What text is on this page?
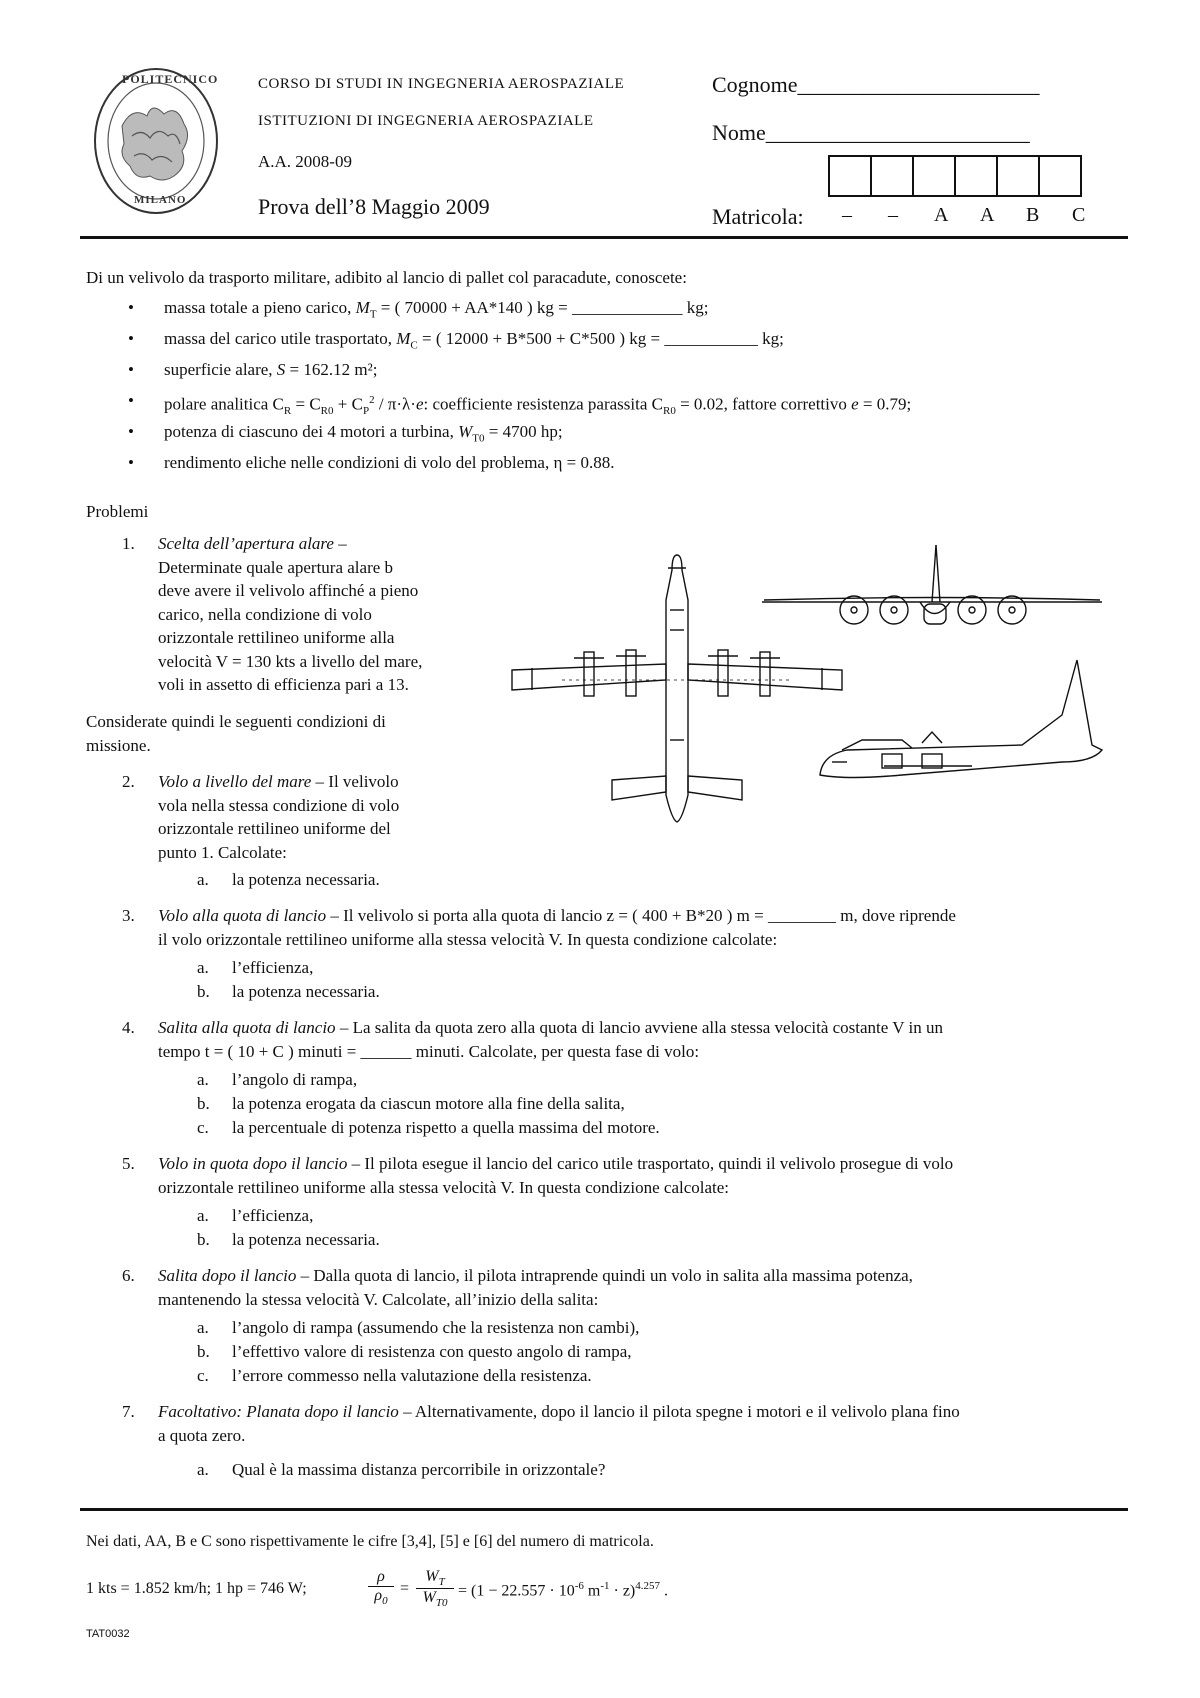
POLITECNICO
MILANO
CORSO DI STUDI IN INGEGNERIA AEROSPAZIALE
ISTITUZIONI DI INGEGNERIA AEROSPAZIALE
A.A. 2008-09
Prova dell’8 Maggio 2009
Cognome______________________
Nome________________________
Matricola: – – A A B C
Di un velivolo da trasporto militare, adibito al lancio di pallet col paracadute, conoscete:
• massa totale a pieno carico, $M_T$ = ( 70000 + AA*140 ) kg = _____________ kg;
• massa del carico utile trasportato, $M_C$ = ( 12000 + B*500 + C*500 ) kg = ___________ kg;
• superficie alare, S = 162.12 m²;
• polare analitica $C_R = C_{R0} + C_P^2 / \pi\cdot\lambda\cdot e$: coefficiente resistenza parassita $C_{R0} = 0.02$, fattore correttivo e = 0.79;
• potenza di ciascuno dei 4 motori a turbina, $W_{T0} = 4700$ hp;
• rendimento eliche nelle condizioni di volo del problema, η = 0.88.
Problemi
1. Scelta dell’apertura alare –
Determinate quale apertura alare b
deve avere il velivolo affinché a pieno
carico, nella condizione di volo
orizzontale rettilineo uniforme alla
velocità V = 130 kts a livello del mare,
voli in assetto di efficienza pari a 13.
Considerate quindi le seguenti condizioni di
missione.
2. Volo a livello del mare – Il velivolo
vola nella stessa condizione di volo
orizzontale rettilineo uniforme del
punto 1. Calcolate:
a. la potenza necessaria.
3. Volo alla quota di lancio – Il velivolo si porta alla quota di lancio z = ( 400 + B*20 ) m = ________ m, dove riprende
il volo orizzontale rettilineo uniforme alla stessa velocità V. In questa condizione calcolate:
a. l’efficienza,
b. la potenza necessaria.
4. Salita alla quota di lancio – La salita da quota zero alla quota di lancio avviene alla stessa velocità costante V in un
tempo t = ( 10 + C ) minuti = ______ minuti. Calcolate, per questa fase di volo:
a. l’angolo di rampa,
b. la potenza erogata da ciascun motore alla fine della salita,
c. la percentuale di potenza rispetto a quella massima del motore.
5. Volo in quota dopo il lancio – Il pilota esegue il lancio del carico utile trasportato, quindi il velivolo prosegue di volo
orizzontale rettilineo uniforme alla stessa velocità V. In questa condizione calcolate:
a. l’efficienza,
b. la potenza necessaria.
6. Salita dopo il lancio – Dalla quota di lancio, il pilota intraprende quindi un volo in salita alla massima potenza,
mantenendo la stessa velocità V. Calcolate, all’inizio della salita:
a. l’angolo di rampa (assumendo che la resistenza non cambi),
b. l’effettivo valore di resistenza con questo angolo di rampa,
c. l’errore commesso nella valutazione della resistenza.
7. Facoltativo: Planata dopo il lancio – Alternativamente, dopo il lancio il pilota spegne i motori e il velivolo plana fino
a quota zero.
a. Qual è la massima distanza percorribile in orizzontale?
Nei dati, AA, B e C sono rispettivamente le cifre [3,4], [5] e [6] del numero di matricola.
1 kts = 1.852 km/h; 1 hp = 746 W;
ρ
$\rho_0$
=
$W_T$
$W_{T0}$
= ($1 - 22.557 \cdot 10^{-6}$ $m^{-1} \cdot z)^{4.257}$ .
TAT0032
